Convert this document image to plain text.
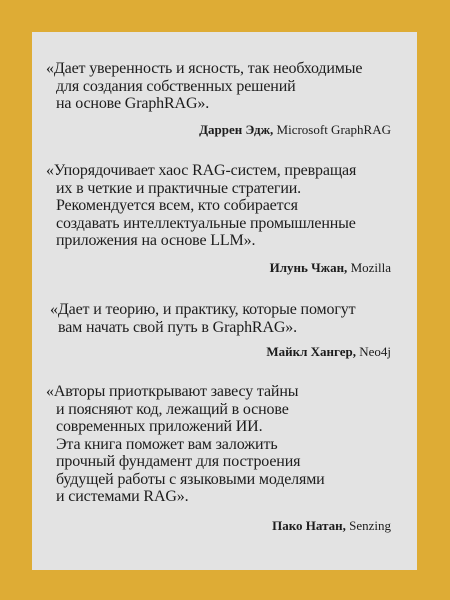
«Дает уверенность и ясность, так необходимые
для создания собственных решений
на основе GraphRAG».
Даррен Эдж, Microsoft GraphRAG
«Упорядочивает хаос RAG-систем, превращая
их в четкие и практичные стратегии.
Рекомендуется всем, кто собирается
создавать интеллектуальные промышленные
приложения на основе LLM».
Илунь Чжан, Mozilla
«Дает и теорию, и практику, которые помогут
вам начать свой путь в GraphRAG».
Майкл Хангер, Neo4j
«Авторы приоткрывают завесу тайны
и поясняют код, лежащий в основе
современных приложений ИИ.
Эта книга поможет вам заложить
прочный фундамент для построения
будущей работы с языковыми моделями
и системами RAG».
Пако Натан, Senzing
